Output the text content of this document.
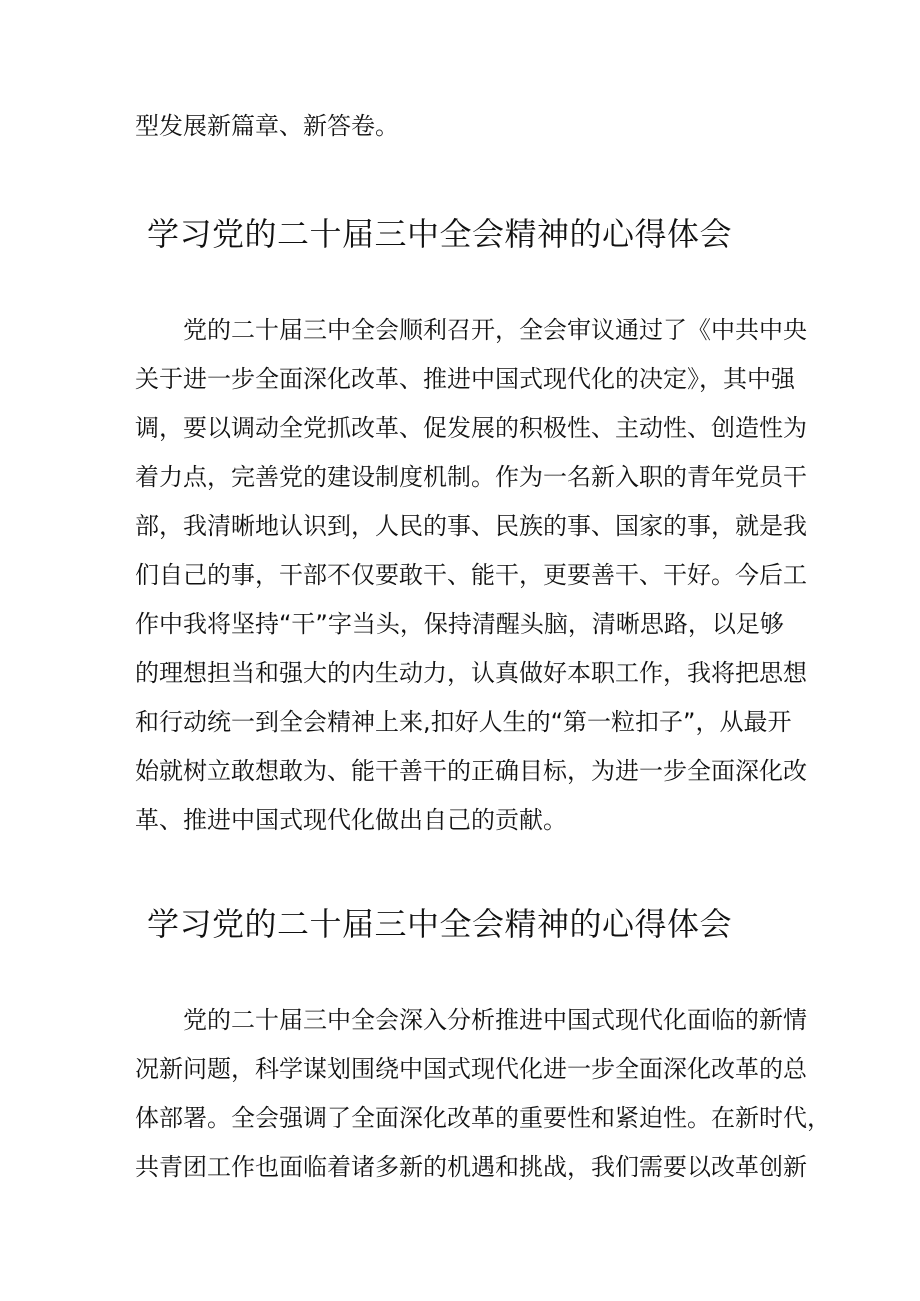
型发展新篇章、新答卷。
学习党的二十届三中全会精神的心得体会
党的二十届三中全会顺利召开，全会审议通过了《中共中央
关于进一步全面深化改革、推进中国式现代化的决定》，其中强
调，要以调动全党抓改革、促发展的积极性、主动性、创造性为
着力点，完善党的建设制度机制。作为一名新入职的青年党员干
部，我清晰地认识到，人民的事、民族的事、国家的事，就是我
们自己的事，干部不仅要敢干、能干，更要善干、干好。今后工
作中我将坚持“干”字当头，保持清醒头脑，清晰思路，以足够
的理想担当和强大的内生动力，认真做好本职工作，我将把思想
和行动统一到全会精神上来,扣好人生的“第一粒扣子”，从最开
始就树立敢想敢为、能干善干的正确目标，为进一步全面深化改
革、推进中国式现代化做出自己的贡献。
学习党的二十届三中全会精神的心得体会
党的二十届三中全会深入分析推进中国式现代化面临的新情
况新问题，科学谋划围绕中国式现代化进一步全面深化改革的总
体部署。全会强调了全面深化改革的重要性和紧迫性。在新时代，
共青团工作也面临着诸多新的机遇和挑战，我们需要以改革创新
